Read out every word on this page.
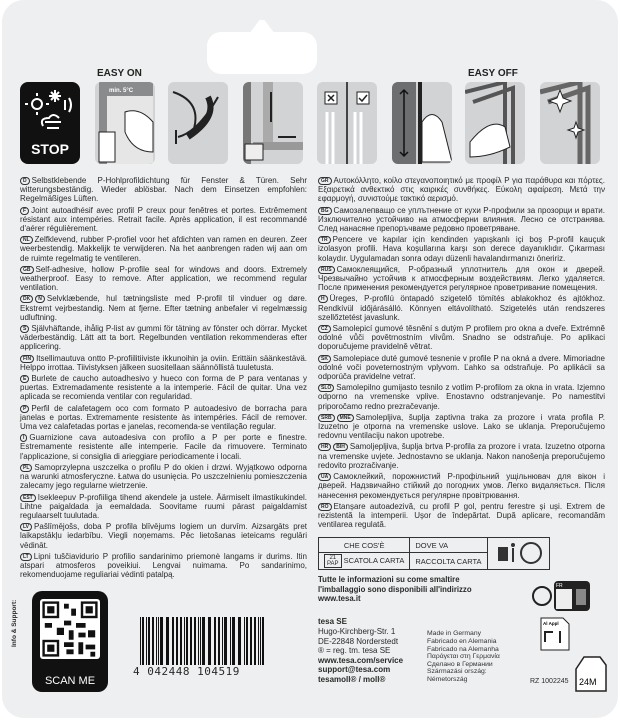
EASY ON	EASY OFF
STOP
min. 5°C

D Selbstklebende P-Hohlprofildichtung für Fenster & Türen. Sehr witterungsbeständig. Wieder ablösbar. Nach dem Einsetzen empfohlen: Regelmäßiges Lüften.

F Joint autoadhésif avec profil P creux pour fenêtres et portes. Extrêmement résistant aux intempéries. Retrait facile. Après application, il est recommandé d'aérer régulièrement.

NL Zelfklevend, rubber P-profiel voor het afdichten van ramen en deuren. Zeer weerbestendig. Makkelijk te verwijderen. Na het aanbrengen raden wij aan om de ruimte regelmatig te ventileren.

GB Self-adhesive, hollow P-profile seal for windows and doors. Extremely weatherproof. Easy to remove. After application, we recommend regular ventilation.

DK N Selvklæbende, hul tætningsliste med P-profil til vinduer og døre. Ekstremt vejrbestandig. Nem at fjerne. Efter tætning anbefaler vi regelmæssig udluftning.

S Självhäftande, ihålig P-list av gummi för tätning av fönster och dörrar. Mycket väderbeständig. Lätt att ta bort. Regelbunden ventilation rekommenderas efter applicering.

FIN Itsellimautuva ontto P-profiilitiiviste ikkunoihin ja oviin. Erittäin säänkestävä. Helppo irrottaa. Tiivistyksen jälkeen suositellaan säännöllistä tuuletusta.

E Burlete de caucho autoadhesivo y hueco con forma de P para ventanas y puertas. Extremadamente resistente a la intemperie. Fácil de quitar. Una vez aplicada se recomienda ventilar con regularidad.

P Perfil de calafetagem oco com formato P autoadesivo de borracha para janelas e portas. Extremamente resistente às intempéries. Fácil de remover. Uma vez calafetadas portas e janelas, recomenda-se ventilação regular.

I Guarnizione cava autoadesiva con profilo a P per porte e finestre. Estremamente resistente alle intemperie. Facile da rimuovere. Terminato l'applicazione, si consiglia di arieggiare periodicamente i locali.

PL Samoprzylepna uszczelka o profilu P do okien i drzwi. Wyjątkowo odporna na warunki atmosferyczne. Łatwa do usunięcia. Po uszczelnieniu pomieszczenia zalecamy jego regularne wietrzenie.

EST Isekleepuv P-profiiliga tihend akendele ja ustele. Äärmiselt ilmastikukindel. Lihtne paigaldada ja eemaldada. Soovitame ruumi pärast paigaldamist regulaarselt tuulutada.

LV Pašlīmējošs, doba P profila blīvējums logiem un durvīm. Aizsargāts pret laikapstākļu iedarbību. Viegli noņemams. Pēc lietošanas ieteicams regulāri vēdināt.

LT Lipni tuščiavidurio P profilio sandarinimo priemonė langams ir durims. Itin atspari atmosferos poveikiui. Lengvai nuimama. Po sandarinimo, rekomenduojame reguliariai vėdinti patalpą.

Info & Support:
SCAN ME
4 042448 104519

GR Αυτοκόλλητο, κοίλο στεγανοποιητικό με προφίλ P για παράθυρα και πόρτες. Εξαιρετικά ανθεκτικό στις καιρικές συνθήκες. Εύκολη αφαίρεση. Μετά την εφαρμογή, συνιστούμε τακτικό αερισμό.

BG Самозалепващо се уплътнение от кухи P-профили за прозорци и врати. Изключително устойчиво на атмосферни влияния. Лесно се отстранява. След нанасяне препоръчваме редовно проветряване.

TR Pencere ve kapılar için kendinden yapışkanlı içi boş P-profil kauçuk izolasyon profili. Hava koşullarına karşı son derece dayanıklıdır. Çıkarması kolaydır. Uygulamadan sonra odayı düzenli havalandırmanızı öneririz.

RUS Самоклеящийся, P-образный уплотнитель для окон и дверей. Чрезвычайно устойчив к атмосферным воздействиям. Легко удаляется. После применения рекомендуется регулярное проветривание помещения.

H Üreges, P-profilú öntapadó szigetelő tömítés ablakokhoz és ajtókhoz. Rendkívül időjárásálló. Könnyen eltávolítható. Szigetelés után rendszeres szellőztetést javaslunk.

CZ Samolepicí gumové těsnění s dutým P profilem pro okna a dveře. Extrémně odolné vůči povětrnostním vlivům. Snadno se odstraňuje. Po aplikaci doporučujeme pravidelně větrat.

SK Samolepiace duté gumové tesnenie v profile P na okná a dvere. Mimoriadne odolné voči poveternostným vplyvom. Ľahko sa odstraňuje. Po aplikácii sa odporúča pravidelne vetrať.

SLO Samolepilno gumijasto tesnilo z votlim P-profilom za okna in vrata. Izjemno odporno na vremenske vplive. Enostavno odstranjevanje. Po namestitvi priporočamo redno prezračevanje.

SRB MNE Samolepljiva, šuplja zaptivna traka za prozore i vrata profila P. Izuzetno je otporna na vremenske uslove. Lako se uklanja. Preporučujemo redovnu ventilaciju nakon upotrebe.

HR BIH Samoljepljiva, šuplja brtva P-profila za prozore i vrata. Izuzetno otporna na vremenske uvjete. Jednostavno se uklanja. Nakon nanošenja preporučujemo redovito prozračivanje.

UA Самоклейкий, порожнистий P-профільний ущільнювач для вікон і дверей. Надзвичайно стійкий до погодних умов. Легко видаляється. Після нанесення рекомендується регулярне провітрювання.

RO Etanșare autoadezivă, cu profil P gol, pentru ferestre și uși. Extrem de rezistentă la intemperii. Ușor de îndepărtat. După aplicare, recomandăm ventilarea regulată.

CHE COS'È	DOVE VA	
21
PAP SCATOLA CARTA	RACCOLTA CARTA	
Tutte le informazioni su come smaltire l'imballaggio sono disponibili all'indirizzo www.tesa.it
FR
Al Appl
24M
tesa SE
Hugo-Kirchberg-Str. 1
DE-22848 Norderstedt
® = reg. tm. tesa SE
www.tesa.com/service
support@tesa.com
tesamoll® / moll®
Made in Germany
Fabricado en Alemania
Fabricado na Alemanha
Παράγεται στη Γερμανία
Сделано в Германии
Származási ország:
Németország	RZ 1002245
